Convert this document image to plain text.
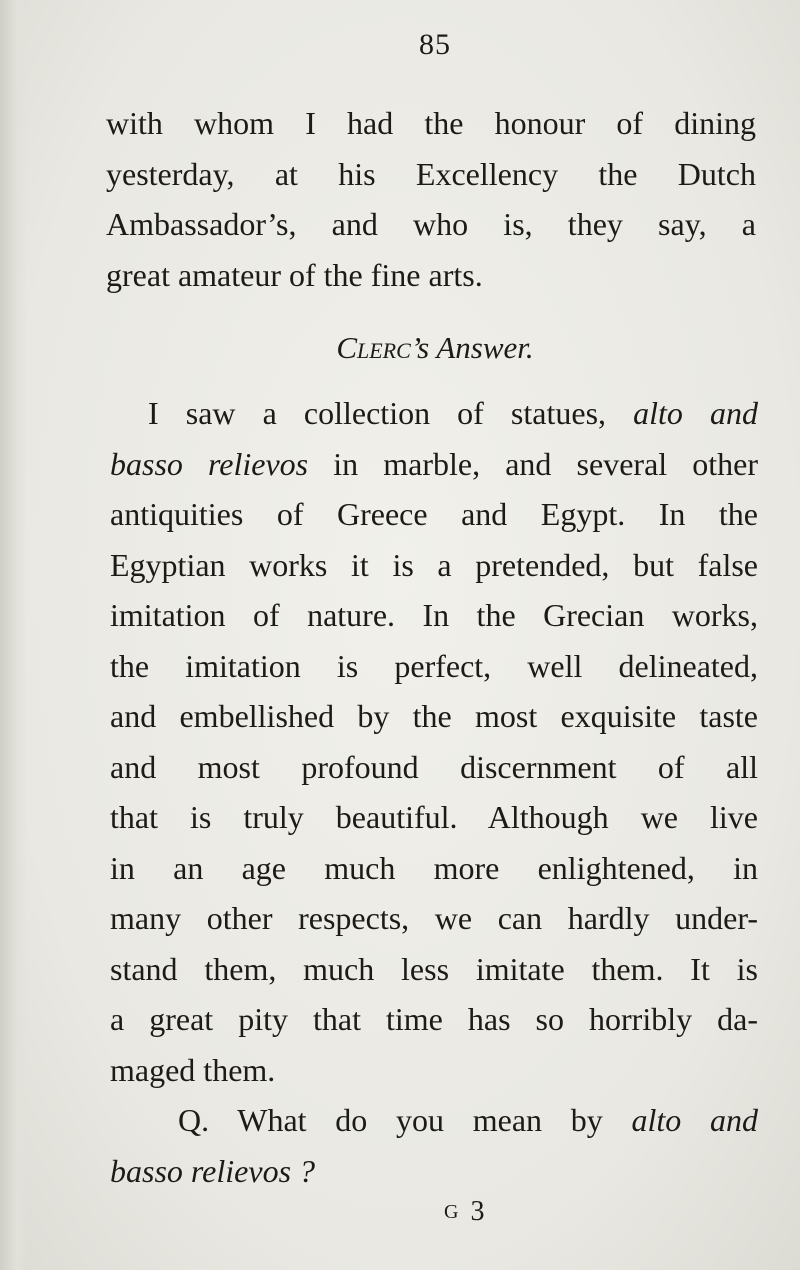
85
with whom I had the honour of dining
yesterday, at his Excellency the Dutch
Ambassador’s, and who is, they say, a
great amateur of the fine arts.
Clerc’s Answer.
I saw a collection of statues, alto and
basso relievos in marble, and several other
antiquities of Greece and Egypt. In the
Egyptian works it is a pretended, but false
imitation of nature. In the Grecian works,
the imitation is perfect, well delineated,
and embellished by the most exquisite taste
and most profound discernment of all
that is truly beautiful. Although we live
in an age much more enlightened, in
many other respects, we can hardly under-
stand them, much less imitate them. It is
a great pity that time has so horribly da-
maged them.
Q. What do you mean by alto and
basso relievos ?
G 3
